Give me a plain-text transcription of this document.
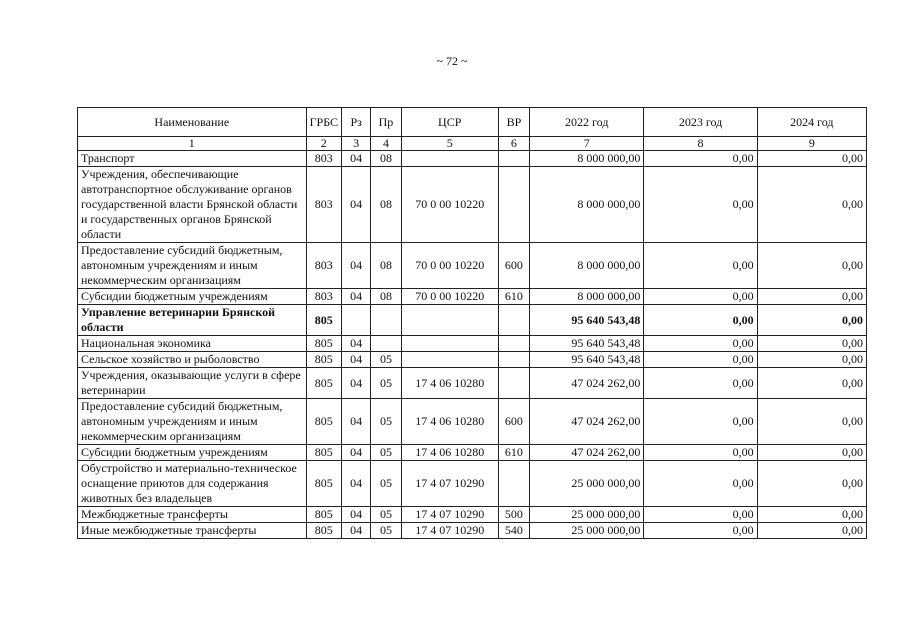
~ 72 ~
Наименование	ГРБС	Рз	Пр	ЦСР	ВР	2022 год	2023 год	2024 год
1	2	3	4	5	6	7	8	9
Транспорт	803	04	08			8 000 000,00	0,00	0,00
Учреждения, обеспечивающие автотранспортное обслуживание органов государственной власти Брянской области и государственных органов Брянской области	803	04	08	70 0 00 10220		8 000 000,00	0,00	0,00
Предоставление субсидий бюджетным, автономным учреждениям и иным некоммерческим организациям	803	04	08	70 0 00 10220	600	8 000 000,00	0,00	0,00
Субсидии бюджетным учреждениям	803	04	08	70 0 00 10220	610	8 000 000,00	0,00	0,00
Управление ветеринарии Брянской области	805					95 640 543,48	0,00	0,00
Национальная экономика	805	04				95 640 543,48	0,00	0,00
Сельское хозяйство и рыболовство	805	04	05			95 640 543,48	0,00	0,00
Учреждения, оказывающие услуги в сфере ветеринарии	805	04	05	17 4 06 10280		47 024 262,00	0,00	0,00
Предоставление субсидий бюджетным, автономным учреждениям и иным некоммерческим организациям	805	04	05	17 4 06 10280	600	47 024 262,00	0,00	0,00
Субсидии бюджетным учреждениям	805	04	05	17 4 06 10280	610	47 024 262,00	0,00	0,00
Обустройство и материально-техническое оснащение приютов для содержания животных без владельцев	805	04	05	17 4 07 10290		25 000 000,00	0,00	0,00
Межбюджетные трансферты	805	04	05	17 4 07 10290	500	25 000 000,00	0,00	0,00
Иные межбюджетные трансферты	805	04	05	17 4 07 10290	540	25 000 000,00	0,00	0,00
